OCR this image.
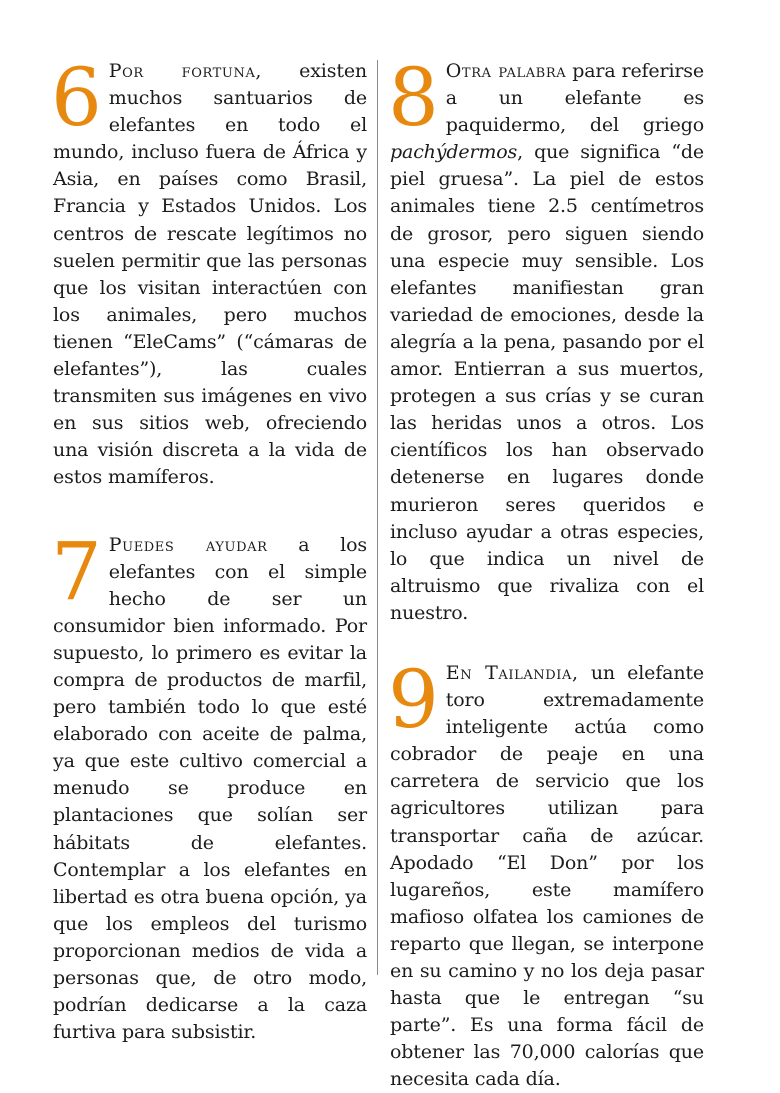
6 Por fortuna, existen muchos santuarios de elefantes en todo el mundo, incluso fuera de África y Asia, en países como Brasil, Francia y Estados Unidos. Los centros de rescate legítimos no suelen permitir que las personas que los visitan interactúen con los animales, pero muchos tienen “EleCams” (“cámaras de elefantes”), las cuales transmiten sus imágenes en vivo en sus sitios web, ofreciendo una visión discreta a la vida de estos mamíferos.

7 Puedes ayudar a los elefantes con el simple hecho de ser un consumidor bien informado. Por supuesto, lo primero es evitar la compra de productos de marfil, pero también todo lo que esté elaborado con aceite de palma, ya que este cultivo comercial a menudo se produce en plantaciones que solían ser hábitats de elefantes. Contemplar a los elefantes en libertad es otra buena opción, ya que los empleos del turismo proporcionan medios de vida a personas que, de otro modo, podrían dedicarse a la caza furtiva para subsistir.

8 Otra palabra para referirse a un elefante es paquidermo, del griego pachýdermos, que significa “de piel gruesa”. La piel de estos animales tiene 2.5 centímetros de grosor, pero siguen siendo una especie muy sensible. Los elefantes manifiestan gran variedad de emociones, desde la alegría a la pena, pasando por el amor. Entierran a sus muertos, protegen a sus crías y se curan las heridas unos a otros. Los científicos los han observado detenerse en lugares donde murieron seres queridos e incluso ayudar a otras especies, lo que indica un nivel de altruismo que rivaliza con el nuestro.

9 En Tailandia, un elefante toro extremadamente inteligente actúa como cobrador de peaje en una carretera de servicio que los agricultores utilizan para transportar caña de azúcar. Apodado “El Don” por los lugareños, este mamífero mafioso olfatea los camiones de reparto que llegan, se interpone en su camino y no los deja pasar hasta que le entregan “su parte”. Es una forma fácil de obtener las 70,000 calorías que necesita cada día.
